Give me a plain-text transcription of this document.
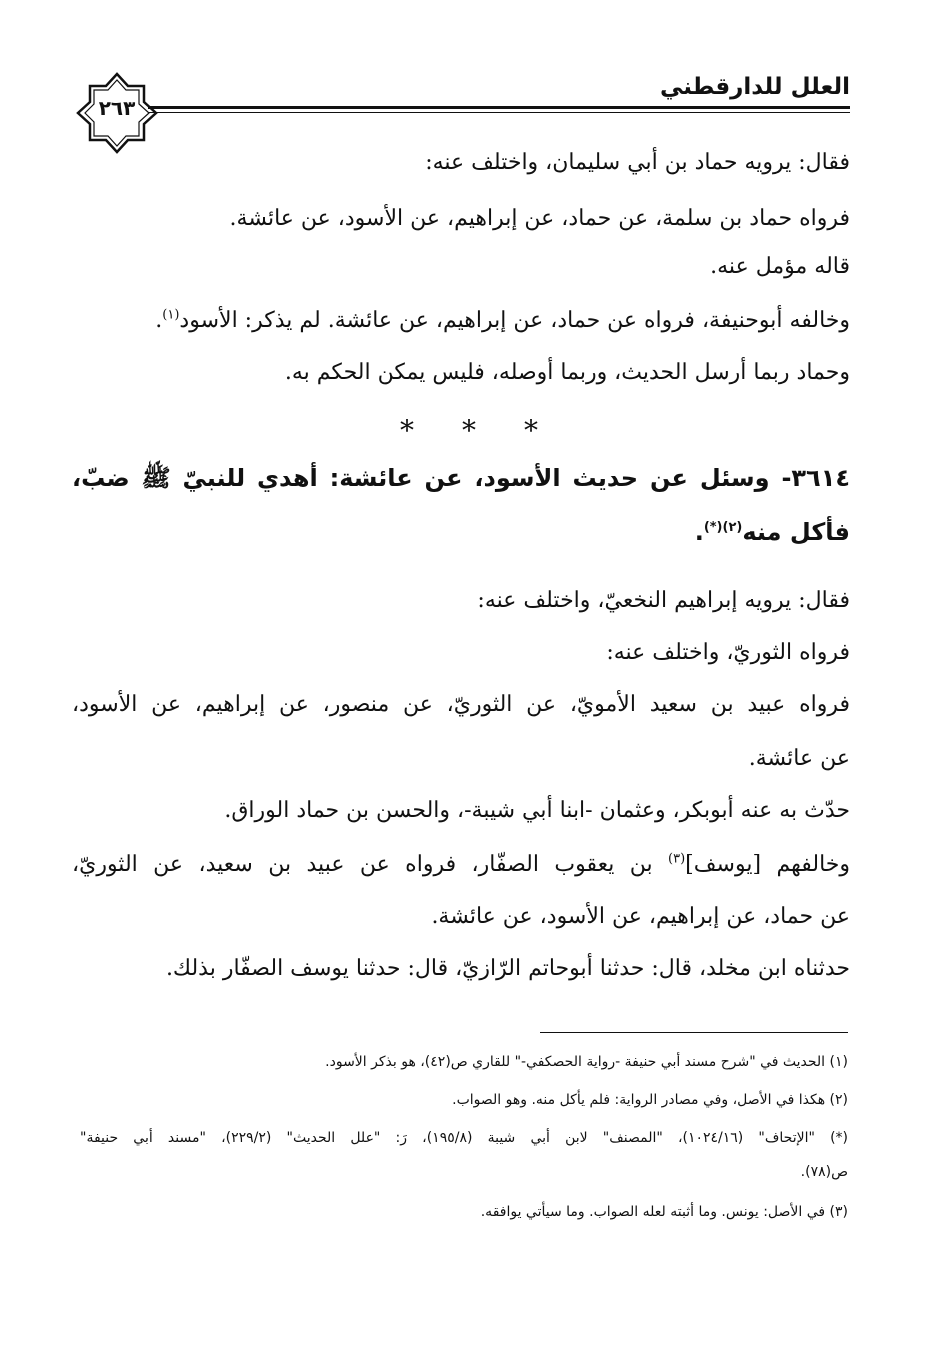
العلل للدارقطني
٢٦٣
فقال: يرويه حماد بن أبي سليمان، واختلف عنه:
فرواه حماد بن سلمة، عن حماد، عن إبراهيم، عن الأسود، عن عائشة.
قاله مؤمل عنه.
وخالفه أبوحنيفة، فرواه عن حماد، عن إبراهيم، عن عائشة. لم يذكر: الأسود$^{(١)}$.
وحماد ربما أرسل الحديث، وربما أوصله، فليس يمكن الحكم به.
* * *
٣٦١٤- وسئل عن حديث الأسود، عن عائشة: أهدي للنبيّ ﷺ ضبّ،
فأكل منه$^{(٢)(*)}$.
فقال: يرويه إبراهيم النخعيّ، واختلف عنه:
فرواه الثوريّ، واختلف عنه:
فرواه عبيد بن سعيد الأمويّ، عن الثوريّ، عن منصور، عن إبراهيم، عن الأسود،
عن عائشة.
حدّث به عنه أبوبكر، وعثمان -ابنا أبي شيبة-، والحسن بن حماد الوراق.
وخالفهم [يوسف]$^{(٣)}$ بن يعقوب الصفّار، فرواه عن عبيد بن سعيد، عن الثوريّ،
عن حماد، عن إبراهيم، عن الأسود، عن عائشة.
حدثناه ابن مخلد، قال: حدثنا أبوحاتم الرّازيّ، قال: حدثنا يوسف الصفّار بذلك.
(١) الحديث في "شرح مسند أبي حنيفة -رواية الحصكفي-" للقاري ص(٤٢)، هو بذكر الأسود.
(٢) هكذا في الأصل، وفي مصادر الرواية: فلم يأكل منه. وهو الصواب.
(*) "الإتحاف" (١٠٢٤/١٦)، "المصنف" لابن أبي شيبة (١٩٥/٨)، رَ: "علل الحديث" (٢٢٩/٢)، "مسند أبي حنيفة"
ص(٧٨).
(٣) في الأصل: يونس. وما أثبته لعله الصواب. وما سيأتي يوافقه.
